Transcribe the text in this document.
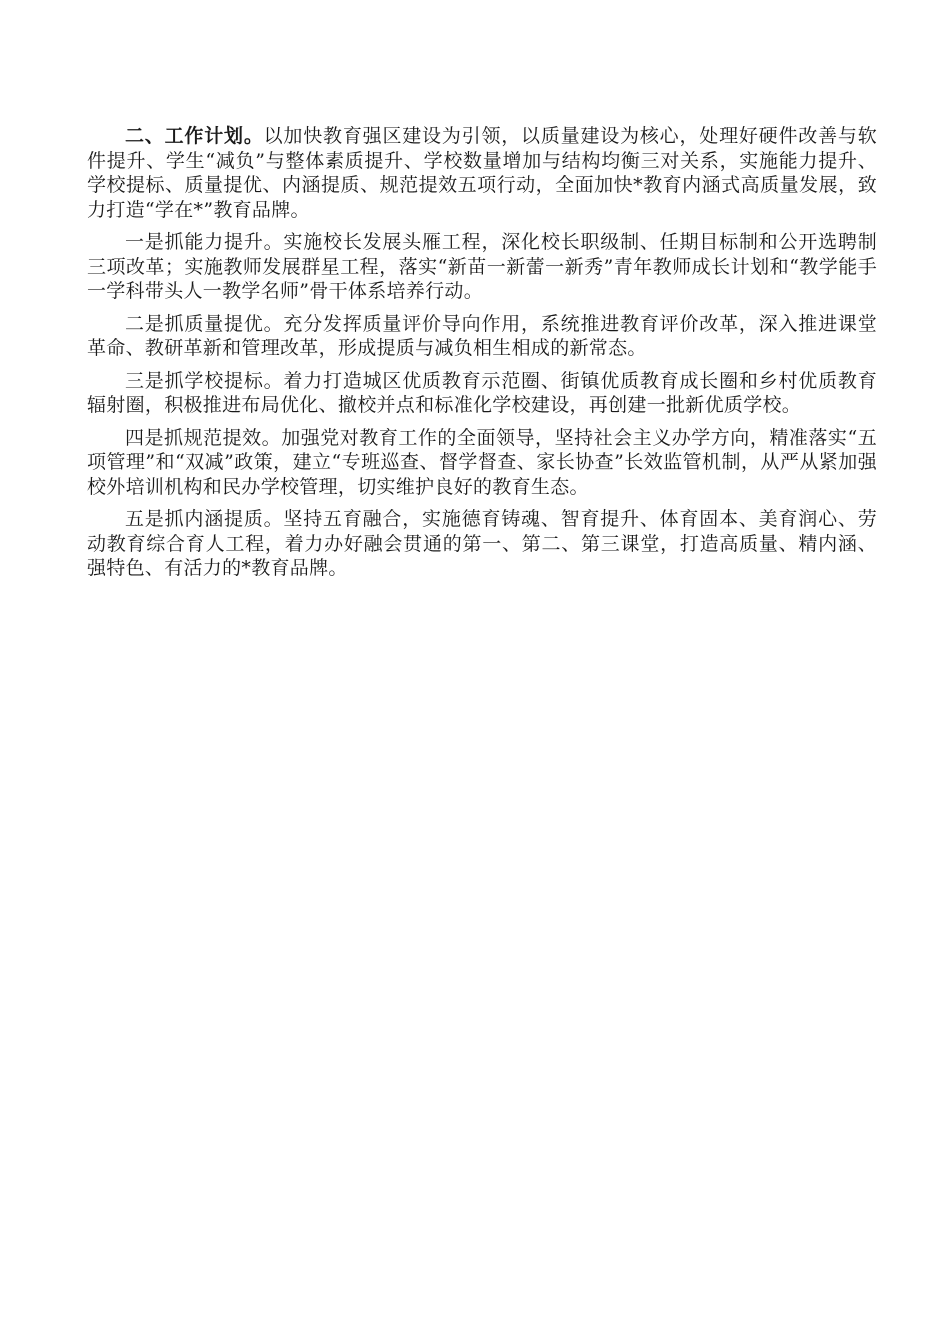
二、工作计划。以加快教育强区建设为引领，以质量建设为核心，处理好硬件改善与软件提升、学生“减负”与整体素质提升、学校数量增加与结构均衡三对关系，实施能力提升、学校提标、质量提优、内涵提质、规范提效五项行动，全面加快*教育内涵式高质量发展，致力打造“学在*”教育品牌。

一是抓能力提升。实施校长发展头雁工程，深化校长职级制、任期目标制和公开选聘制三项改革；实施教师发展群星工程，落实“新苗一新蕾一新秀”青年教师成长计划和“教学能手一学科带头人一教学名师”骨干体系培养行动。

二是抓质量提优。充分发挥质量评价导向作用，系统推进教育评价改革，深入推进课堂革命、教研革新和管理改革，形成提质与减负相生相成的新常态。

三是抓学校提标。着力打造城区优质教育示范圈、街镇优质教育成长圈和乡村优质教育辐射圈，积极推进布局优化、撤校并点和标准化学校建设，再创建一批新优质学校。

四是抓规范提效。加强党对教育工作的全面领导，坚持社会主义办学方向，精准落实“五项管理”和“双减”政策，建立“专班巡查、督学督查、家长协查”长效监管机制，从严从紧加强校外培训机构和民办学校管理，切实维护良好的教育生态。

五是抓内涵提质。坚持五育融合，实施德育铸魂、智育提升、体育固本、美育润心、劳动教育综合育人工程，着力办好融会贯通的第一、第二、第三课堂，打造高质量、精内涵、强特色、有活力的*教育品牌。
